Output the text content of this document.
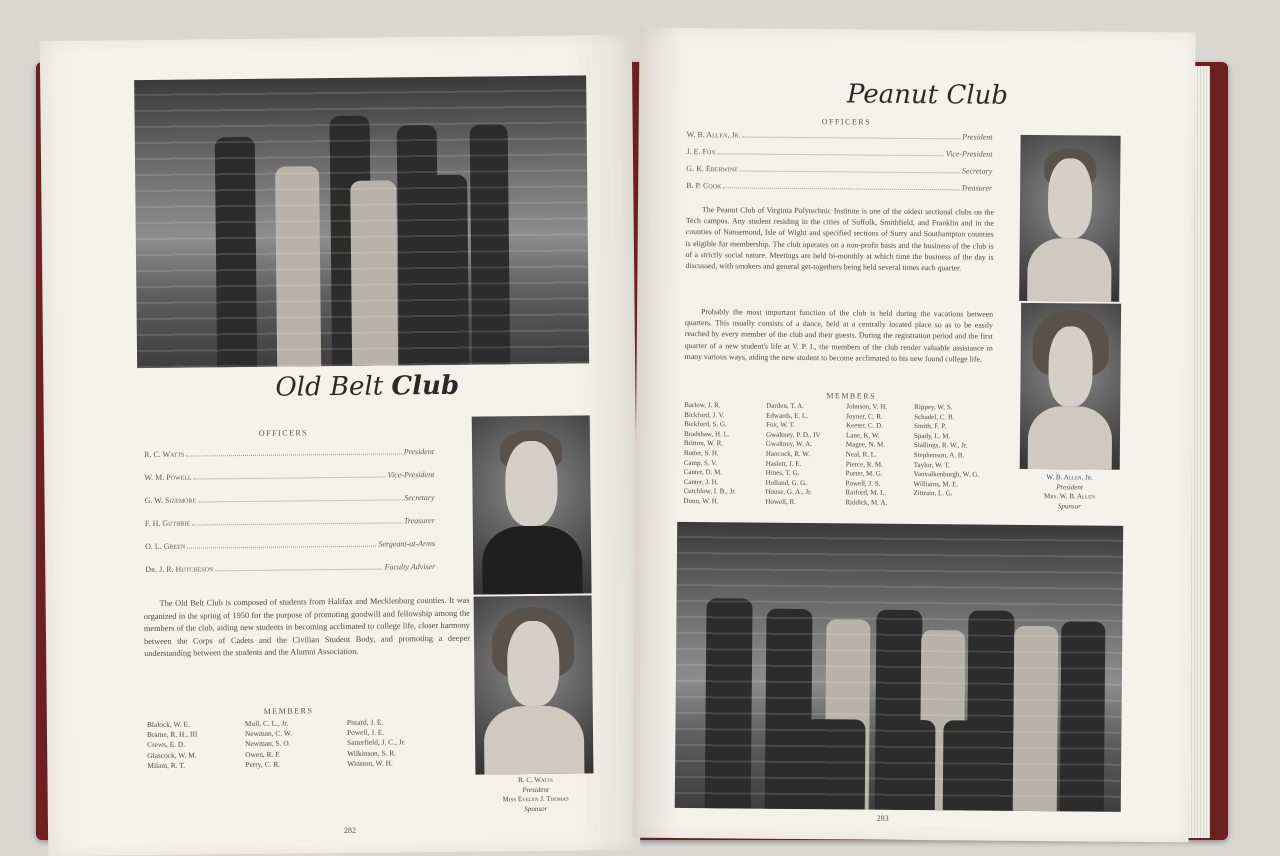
Old Belt Club
OFFICERS
R. C. Watts	President
W. M. Powell	Vice-President
G. W. Sizemore	Secretary
F. H. Guthrie	Treasurer
O. L. Green	Sergeant-at-Arms
Dr. J. R. Hutcheson	Faculty Adviser
The Old Belt Club is composed of students from Halifax and Mecklenburg counties. It was organized in the spring of 1950 for the purpose of promoting goodwill and fellowship among the members of the club, aiding new students in becoming acclimated to college life, closer harmony between the Corps of Cadets and the Civilian Student Body, and promoting a deeper understanding between the students and the Alumni Association.
MEMBERS
Blalock, W. E.
Brame, R. H., III
Crews, E. D.
Glascock, W. M.
Milam, R. T.
Mull, C. L., Jr.
Newman, C. W.
Newman, S. O.
Owen, R. F.
Perry, C. R.
Pittard, J. E.
Powell, J. E.
Satterfield, J. C., Jr.
Wilkinson, S. R.
Winston, W. H.
R. C. Watts
President
Miss Evelyn J. Thomas
Sponsor
282
Peanut Club
OFFICERS
W. B. Allen, Jr.	President
J. E. Fox	Vice-President
G. K. Eberwine	Secretary
B. P. Cook	Treasurer
The Peanut Club of Virginia Polytechnic Institute is one of the oldest sectional clubs on the Tech campus. Any student residing in the cities of Suffolk, Smithfield, and Franklin and in the counties of Nansemond, Isle of Wight and specified sections of Surry and Southampton counties is eligible for membership. The club operates on a non-profit basis and the business of the club is of a strictly social nature. Meetings are held bi-monthly at which time the business of the day is discussed, with smokers and general get-togethers being held several times each quarter.
Probably the most important function of the club is held during the vacations between quarters. This usually consists of a dance, held at a centrally located place so as to be easily reached by every member of the club and their guests. During the registration period and the first quarter of a new student's life at V. P. I., the members of the club render valuable assistance in many various ways, aiding the new student to become acclimated to his new found college life.
MEMBERS
Barlow, J. R.
Bickford, J. V.
Bickford, S. G.
Bradshaw, H. L.
Britton, W. R.
Butler, S. H.
Camp, S. V.
Canter, D. M.
Canter, J. H.
Cutchlow, I. B., Jr.
Dunn, W. H.
Darden, T. A.
Edwards, E. L.
Fox, W. T.
Gwaltney, P. D., IV
Gwaltney, W. A.
Hancock, R. W.
Haslett, J. E.
Hines, T. G.
Holland, G. G.
House, G. A., Jr.
Howell, R.
Johnson, V. H.
Joyner, C. R.
Keeter, C. D.
Lane, K. W.
Magee, N. M.
Neal, R. L.
Pierce, R. M.
Porter, M. G.
Powell, J. S.
Raiford, M. L.
Riddick, M. A.
Rippey, W. S.
Schadel, C. B.
Smith, F. P.
Spady, L. M.
Stallings, R. W., Jr.
Stephenson, A. B.
Taylor, W. T.
Vanvalkenburgh, W. G.
Williams, M. E.
Zittrain, L. G.
W. B. Allen, Jr.
President
Mrs. W. B. Allen
Sponsor
283
